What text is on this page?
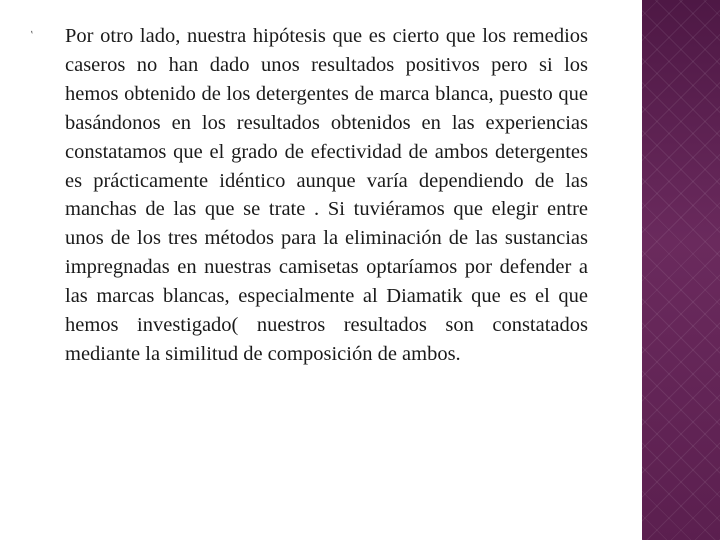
ʽ Por otro lado, nuestra hipótesis que es cierto que los remedios caseros no han dado unos resultados positivos pero si los hemos obtenido de los detergentes de marca blanca, puesto que basándonos en los resultados obtenidos en las experiencias constatamos que el grado de efectividad de ambos detergentes es prácticamente idéntico aunque varía dependiendo de las manchas de las que se trate . Si tuviéramos que elegir entre unos de los tres métodos para la eliminación de las sustancias impregnadas en nuestras camisetas optaríamos por defender a las marcas blancas, especialmente al Diamatik que es el que hemos investigado( nuestros resultados son constatados mediante la similitud de composición de ambos.
